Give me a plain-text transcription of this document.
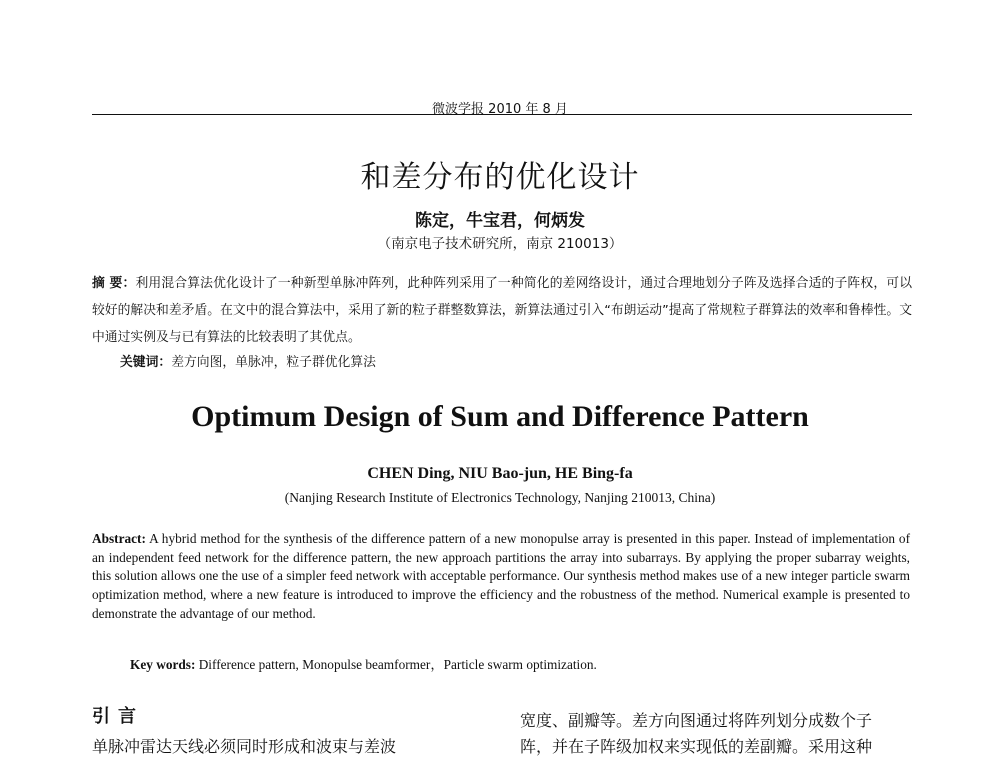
微波学报 2010 年 8 月
和差分布的优化设计
陈定，牛宝君，何炳发
（南京电子技术研究所，南京 210013）
摘 要：利用混合算法优化设计了一种新型单脉冲阵列，此种阵列采用了一种简化的差网络设计，通过合理地划分子阵及选择合适的子阵权，可以较好的解决和差矛盾。在文中的混合算法中，采用了新的粒子群整数算法，新算法通过引入“布朗运动”提高了常规粒子群算法的效率和鲁棒性。文中通过实例及与已有算法的比较表明了其优点。
关键词：差方向图，单脉冲，粒子群优化算法
Optimum Design of Sum and Difference Pattern
CHEN Ding, NIU Bao-jun, HE Bing-fa
(Nanjing Research Institute of Electronics Technology, Nanjing 210013, China)
Abstract: A hybrid method for the synthesis of the difference pattern of a new monopulse array is presented in this paper. Instead of implementation of an independent feed network for the difference pattern, the new approach partitions the array into subarrays. By applying the proper subarray weights, this solution allows one the use of a simpler feed network with acceptable performance. Our synthesis method makes use of a new integer particle swarm optimization method, where a new feature is introduced to improve the efficiency and the robustness of the method. Numerical example is presented to demonstrate the advantage of our method.
Key words: Difference pattern, Monopulse beamformer，Particle swarm optimization.
引言
单脉冲雷达天线必须同时形成和波束与差波
宽度、副瓣等。差方向图通过将阵列划分成数个子
阵，并在子阵级加权来实现低的差副瓣。采用这种
